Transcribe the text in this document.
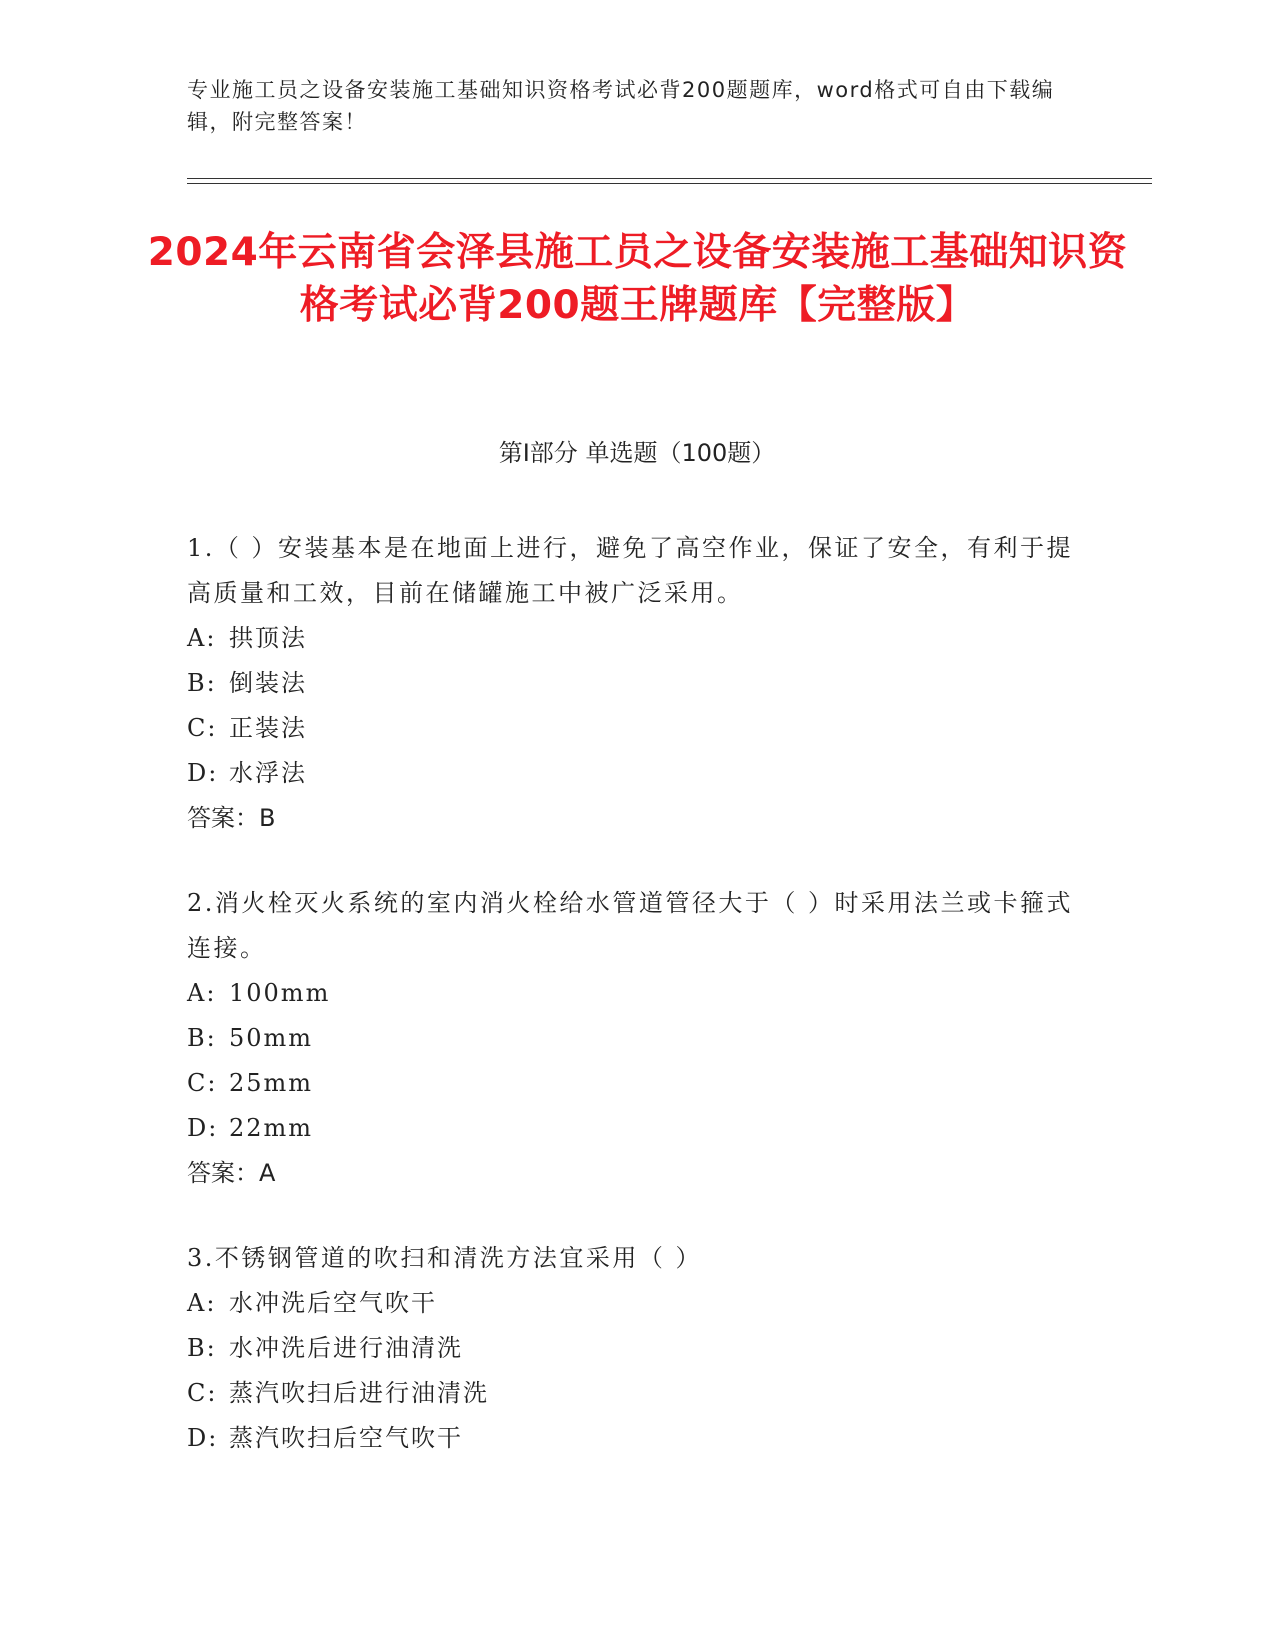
专业施工员之设备安装施工基础知识资格考试必背200题题库，word格式可自由下载编辑，附完整答案！
2024年云南省会泽县施工员之设备安装施工基础知识资格考试必背200题王牌题库【完整版】
第I部分 单选题（100题）
1.（ ）安装基本是在地面上进行，避免了高空作业，保证了安全，有利于提高质量和工效，目前在储罐施工中被广泛采用。
A: 拱顶法
B: 倒装法
C: 正装法
D: 水浮法
答案：B
2.消火栓灭火系统的室内消火栓给水管道管径大于（ ）时采用法兰或卡箍式连接。
A: 100mm
B: 50mm
C: 25mm
D: 22mm
答案：A
3.不锈钢管道的吹扫和清洗方法宜采用（ ）
A: 水冲洗后空气吹干
B: 水冲洗后进行油清洗
C: 蒸汽吹扫后进行油清洗
D: 蒸汽吹扫后空气吹干
